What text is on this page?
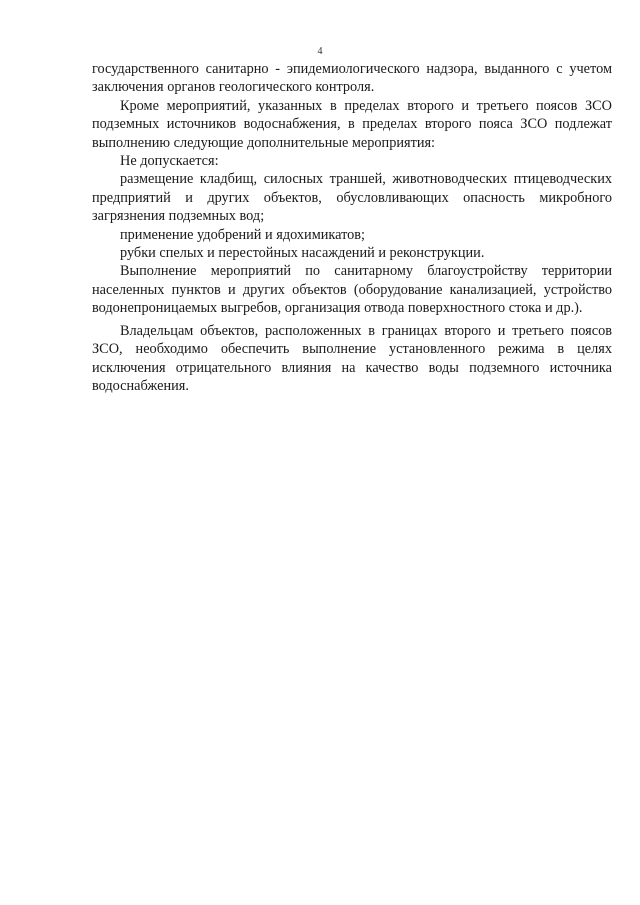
4

государственного санитарно - эпидемиологического надзора, выданного с учетом заключения органов геологического контроля.

Кроме мероприятий, указанных в пределах второго и третьего поясов ЗСО подземных источников водоснабжения, в пределах второго пояса ЗСО подлежат выполнению следующие дополнительные мероприятия:

Не допускается:

размещение кладбищ, силосных траншей, животноводческих птицеводческих предприятий и других объектов, обусловливающих опасность микробного загрязнения подземных вод;

применение удобрений и ядохимикатов;

рубки спелых и перестойных насаждений и реконструкции.

Выполнение мероприятий по санитарному благоустройству территории населенных пунктов и других объектов (оборудование канализацией, устройство водонепроницаемых выгребов, организация отвода поверхностного стока и др.).

Владельцам объектов, расположенных в границах второго и третьего поясов ЗСО, необходимо обеспечить выполнение установленного режима в целях исключения отрицательного влияния на качество воды подземного источника водоснабжения.
